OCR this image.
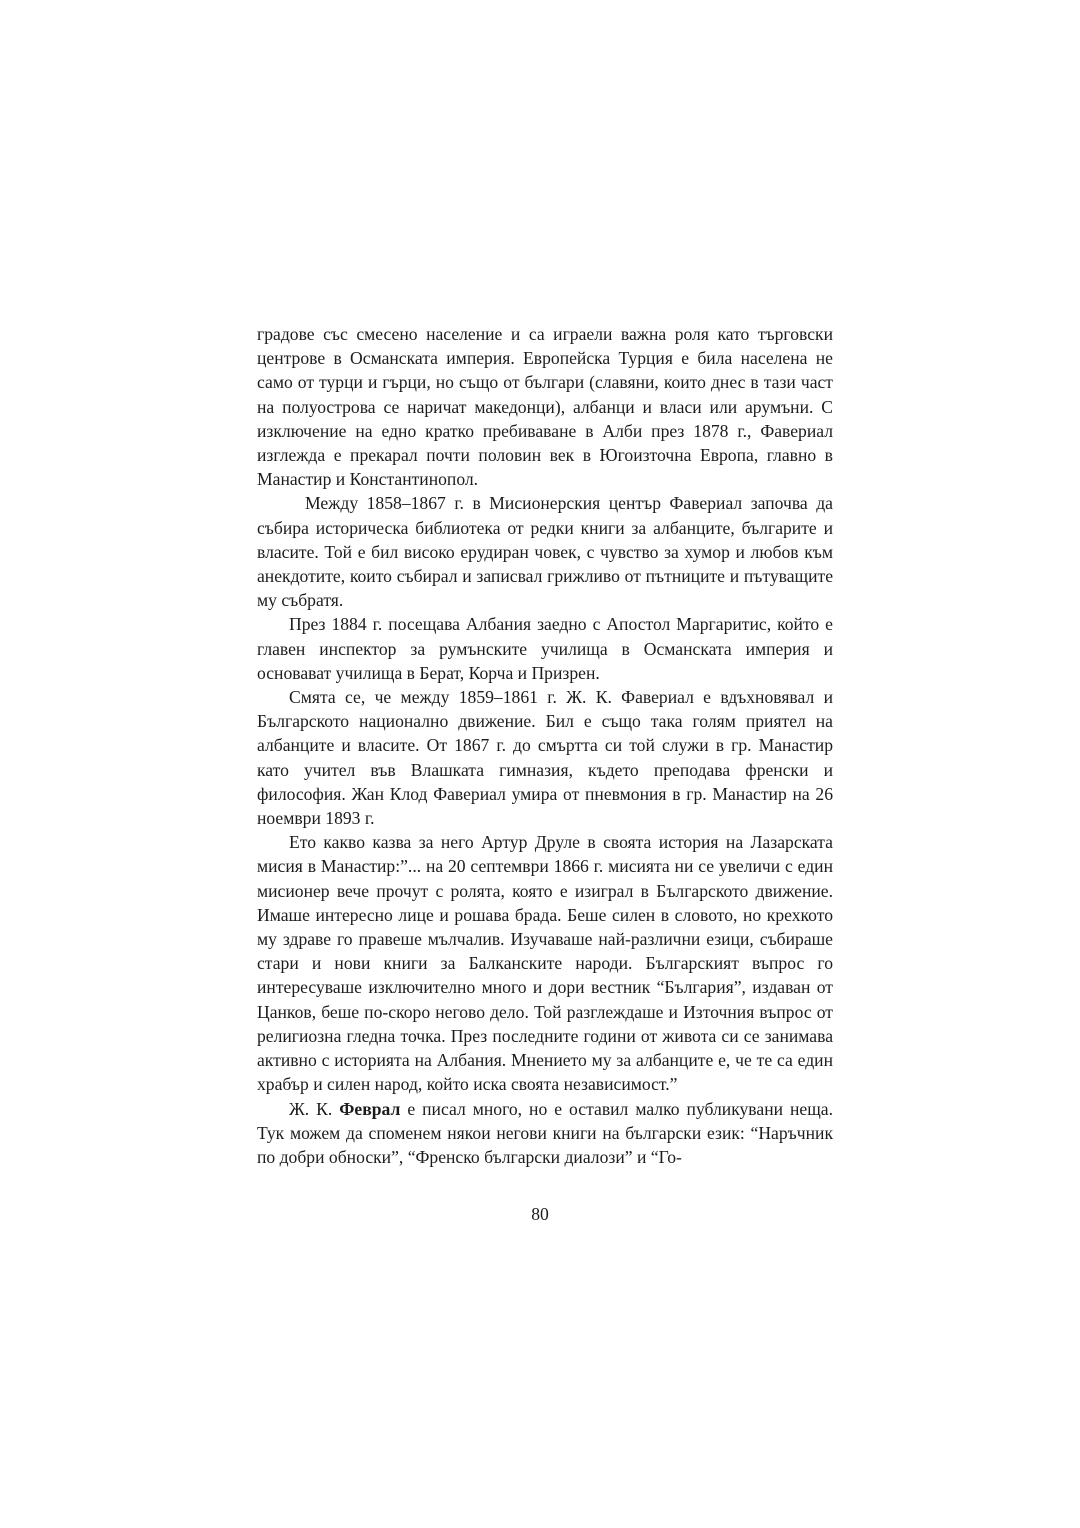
градове със смесено население и са играели важна роля като търговски центрове в Османската империя. Европейска Турция е била населена не само от турци и гърци, но също от българи (славяни, които днес в тази част на полуострова се наричат македонци), албанци и власи или арумъни. С изключение на едно кратко пребиваване в Алби през 1878 г., Фавериал изглежда е прекарал почти половин век в Югоизточна Европа, главно в Манастир и Константинопол.

Между 1858–1867 г. в Мисионерския център Фавериал започва да събира историческа библиотека от редки книги за албанците, българите и власите. Той е бил високо ерудиран човек, с чувство за хумор и любов към анекдотите, които събирал и записвал грижливо от пътниците и пътуващите му събратя.

През 1884 г. посещава Албания заедно с Апостол Маргаритис, който е главен инспектор за румънските училища в Османската империя и основават училища в Берат, Корча и Призрен.

Смята се, че между 1859–1861 г. Ж. К. Фавериал е вдъхновявал и Българското национално движение. Бил е също така голям приятел на албанците и власите. От 1867 г. до смъртта си той служи в гр. Манастир като учител във Влашката гимназия, където преподава френски и философия. Жан Клод Фавериал умира от пневмония в гр. Манастир на 26 ноември 1893 г.

Ето какво казва за него Артур Друле в своята история на Лазарската мисия в Манастир:”... на 20 септември 1866 г. мисията ни се увеличи с един мисионер вече прочут с ролята, която е изиграл в Българското движение. Имаше интересно лице и рошава брада. Беше силен в словото, но крехкото му здраве го правеше мълчалив. Изучаваше най-различни езици, събираше стари и нови книги за Балканските народи. Българският въпрос го интересуваше изключително много и дори вестник “България”, издаван от Цанков, беше по-скоро негово дело. Той разглеждаше и Източния въпрос от религиозна гледна точка. През последните години от живота си се занимава активно с историята на Албания. Мнението му за албанците е, че те са един храбър и силен народ, който иска своята независимост.”

Ж. К. Феврал е писал много, но е оставил малко публикувани неща. Тук можем да споменем някои негови книги на български език: “Наръчник по добри обноски”, “Френско български диалози” и “Го-

80
